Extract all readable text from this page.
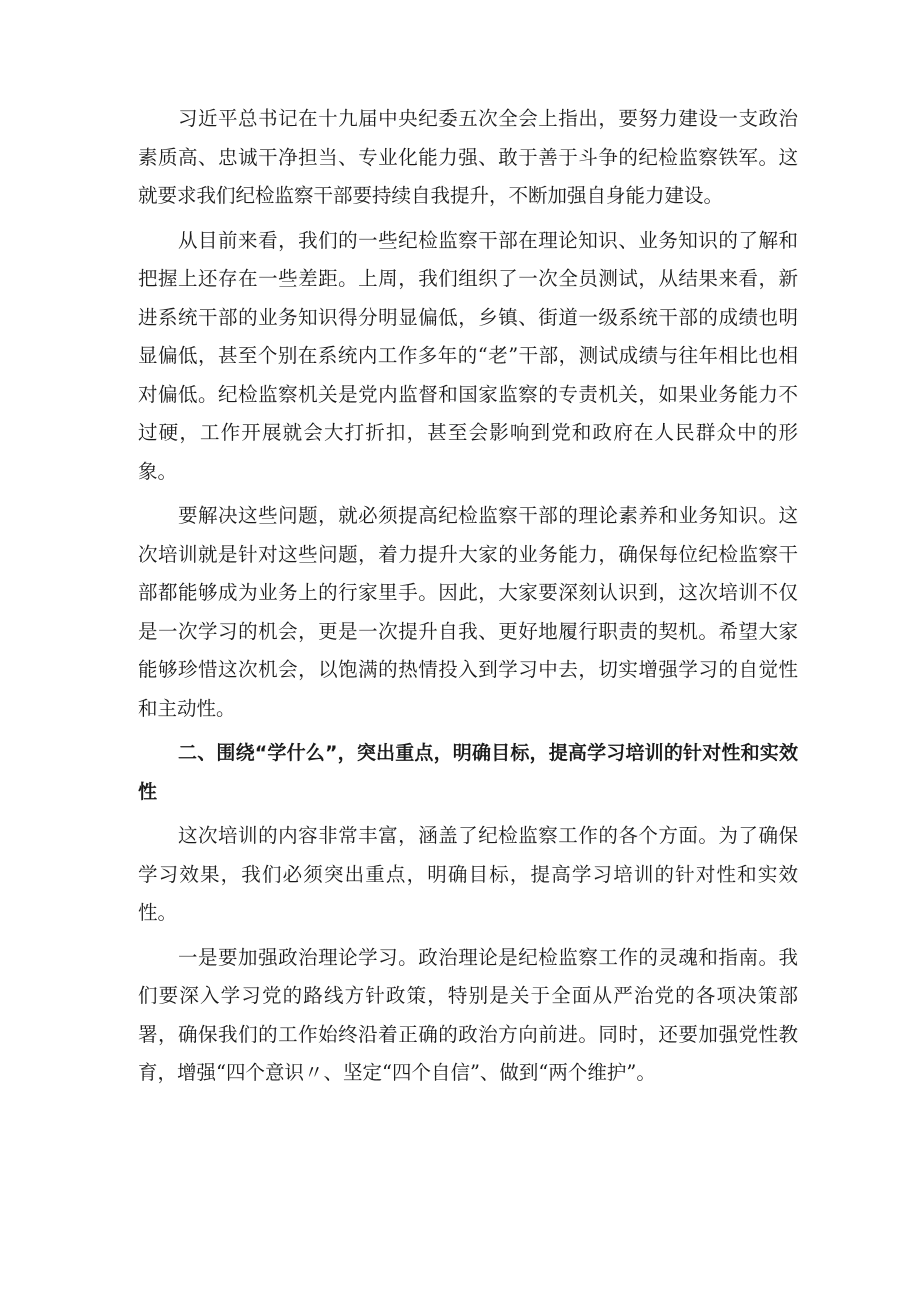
习近平总书记在十九届中央纪委五次全会上指出，要努力建设一支政治素质高、忠诚干净担当、专业化能力强、敢于善于斗争的纪检监察铁军。这就要求我们纪检监察干部要持续自我提升，不断加强自身能力建设。

从目前来看，我们的一些纪检监察干部在理论知识、业务知识的了解和把握上还存在一些差距。上周，我们组织了一次全员测试，从结果来看，新进系统干部的业务知识得分明显偏低，乡镇、街道一级系统干部的成绩也明显偏低，甚至个别在系统内工作多年的“老”干部，测试成绩与往年相比也相对偏低。纪检监察机关是党内监督和国家监察的专责机关，如果业务能力不过硬，工作开展就会大打折扣，甚至会影响到党和政府在人民群众中的形象。

要解决这些问题，就必须提高纪检监察干部的理论素养和业务知识。这次培训就是针对这些问题，着力提升大家的业务能力，确保每位纪检监察干部都能够成为业务上的行家里手。因此，大家要深刻认识到，这次培训不仅是一次学习的机会，更是一次提升自我、更好地履行职责的契机。希望大家能够珍惜这次机会，以饱满的热情投入到学习中去，切实增强学习的自觉性和主动性。

二、围绕“学什么”，突出重点，明确目标，提高学习培训的针对性和实效性

这次培训的内容非常丰富，涵盖了纪检监察工作的各个方面。为了确保学习效果，我们必须突出重点，明确目标，提高学习培训的针对性和实效性。

一是要加强政治理论学习。政治理论是纪检监察工作的灵魂和指南。我们要深入学习党的路线方针政策，特别是关于全面从严治党的各项决策部署，确保我们的工作始终沿着正确的政治方向前进。同时，还要加强党性教育，增强“四个意识〃、坚定“四个自信”、做到“两个维护”。
